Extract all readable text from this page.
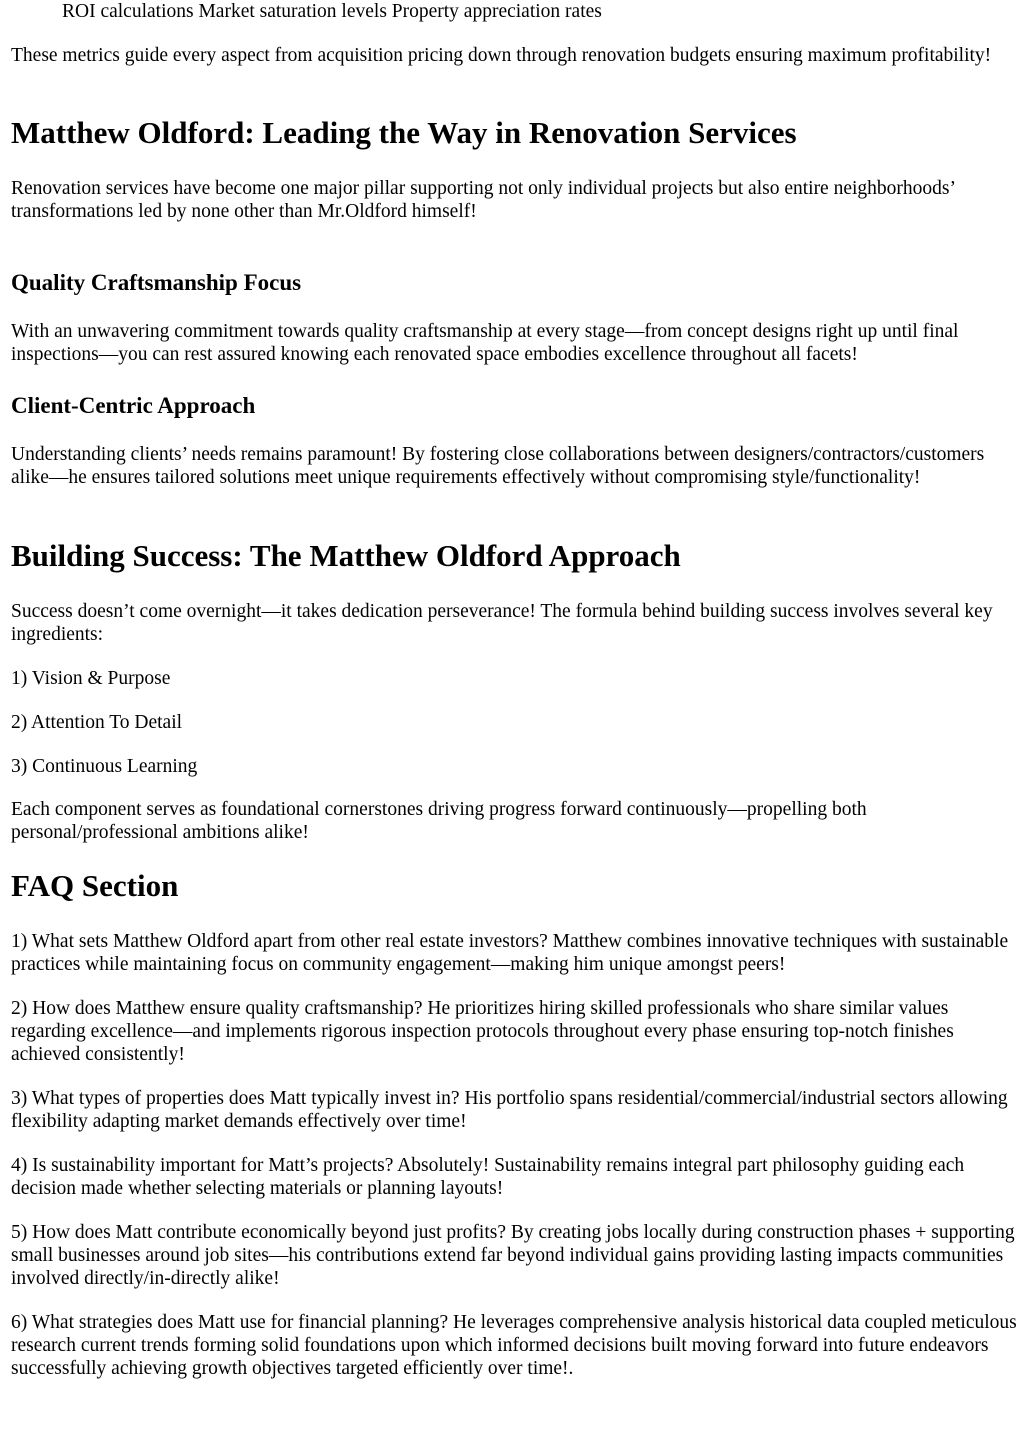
ROI calculations Market saturation levels Property appreciation rates

These metrics guide every aspect from acquisition pricing down through renovation budgets ensuring maximum profitability!

Matthew Oldford: Leading the Way in Renovation Services

Renovation services have become one major pillar supporting not only individual projects but also entire neighborhoods’ transformations led by none other than Mr.Oldford himself!

Quality Craftsmanship Focus

With an unwavering commitment towards quality craftsmanship at every stage—from concept designs right up until final inspections—you can rest assured knowing each renovated space embodies excellence throughout all facets!

Client-Centric Approach

Understanding clients’ needs remains paramount! By fostering close collaborations between designers/contractors/customers alike—he ensures tailored solutions meet unique requirements effectively without compromising style/functionality!

Building Success: The Matthew Oldford Approach

Success doesn’t come overnight—it takes dedication perseverance! The formula behind building success involves several key ingredients:

1) Vision & Purpose

2) Attention To Detail

3) Continuous Learning

Each component serves as foundational cornerstones driving progress forward continuously—propelling both personal/professional ambitions alike!

FAQ Section

1) What sets Matthew Oldford apart from other real estate investors? Matthew combines innovative techniques with sustainable practices while maintaining focus on community engagement—making him unique amongst peers!

2) How does Matthew ensure quality craftsmanship? He prioritizes hiring skilled professionals who share similar values regarding excellence—and implements rigorous inspection protocols throughout every phase ensuring top-notch finishes achieved consistently!

3) What types of properties does Matt typically invest in? His portfolio spans residential/commercial/industrial sectors allowing flexibility adapting market demands effectively over time!

4) Is sustainability important for Matt’s projects? Absolutely! Sustainability remains integral part philosophy guiding each decision made whether selecting materials or planning layouts!

5) How does Matt contribute economically beyond just profits? By creating jobs locally during construction phases + supporting small businesses around job sites—his contributions extend far beyond individual gains providing lasting impacts communities involved directly/in-directly alike!

6) What strategies does Matt use for financial planning? He leverages comprehensive analysis historical data coupled meticulous research current trends forming solid foundations upon which informed decisions built moving forward into future endeavors successfully achieving growth objectives targeted efficiently over time!.
